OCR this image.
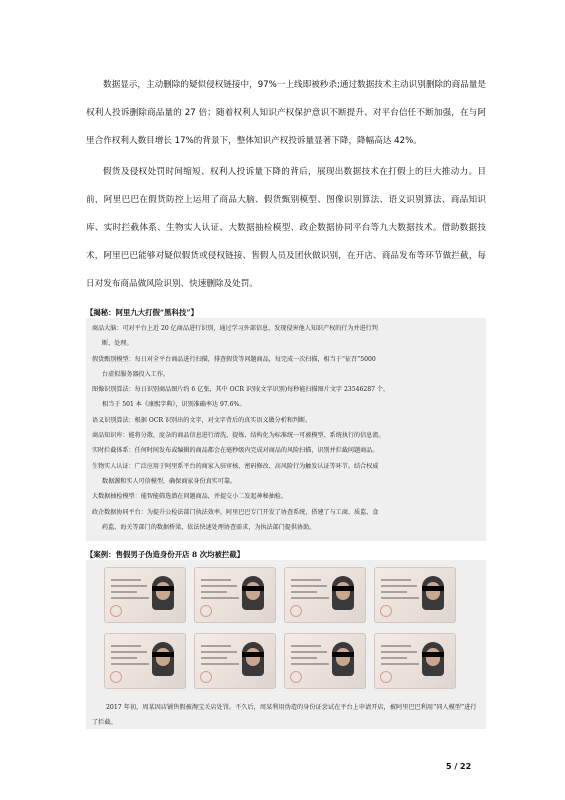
数据显示，主动删除的疑似侵权链接中，97%一上线即被秒杀;通过数据技术主动识别删除的商品量是权利人投诉删除商品量的 27 倍；随着权利人知识产权保护意识不断提升、对平台信任不断加强，在与阿里合作权利人数目增长 17%的背景下，整体知识产权投诉量显著下降，降幅高达 42%。
假货及侵权处罚时间缩短、权利人投诉量下降的背后，展现出数据技术在打假上的巨大推动力。目前，阿里巴巴在假货防控上运用了商品大脑、假货甄别模型、图像识别算法、语义识别算法、商品知识库、实时拦截体系、生物实人认证、大数据抽检模型、政企数据协同平台等九大数据技术。借助数据技术，阿里巴巴能够对疑似假货或侵权链接、售假人员及团伙做识别，在开店、商品发布等环节做拦截，每日对发布商品做风险识别、快速删除及处罚。
【揭秘：阿里九大打假“黑科技”】
商品大脑：可对平台上近 20 亿商品进行识别，通过学习外部信息，发现侵害他人知识产权的行为并进行判
断、处理。
假货甄别模型：每日对全平台商品进行扫描，排查假货等问题商品，每完成一次扫描，相当于“征召”5000
台虚拟服务器投入工作。
图像识别算法：每日识别商品图片约 6 亿张，其中 OCR 识别(文字识别)每秒能扫描图片文字 23546287 个，
相当于 501 本《康熙字典》，识别准确率达 97.6%。
语义识别算法：根据 OCR 识别出的文字，对文字背后的真实语义做分析和判断。
商品知识库：能将分散、庞杂的商品信息进行清洗、提炼、结构化为标准统一可被模型、系统执行的信息流。
实时拦截体系：任何时间发布或编辑的商品都会在毫秒级内完成对商品的风险扫描，识别并拦截问题商品。
生物实人认证：广泛应用于阿里系平台的商家入驻审核、密码修改、高风险行为触发认证等环节。结合权威
数据源和实人可信模型，确保商家身份真实可靠。
大数据抽检模型：能智能筛选潜在问题商品，并提交小二发起神秘抽检。
政企数据协同平台：为提升公检法部门执法效率，阿里巴巴专门开发了协查系统，搭建了与工商、质监、食
药监、海关等部门的数据桥梁，依法快速处理协查需求，为执法部门提供协助。
【案例：售假男子伪造身份开店 8 次均被拦截】
2017 年初，周某因店铺售假被淘宝关店处罚。不久后，周某利用伪造的身份证尝试在平台上申请开店，被阿里巴巴利用“同人模型”进行了拦截。
5 / 22
